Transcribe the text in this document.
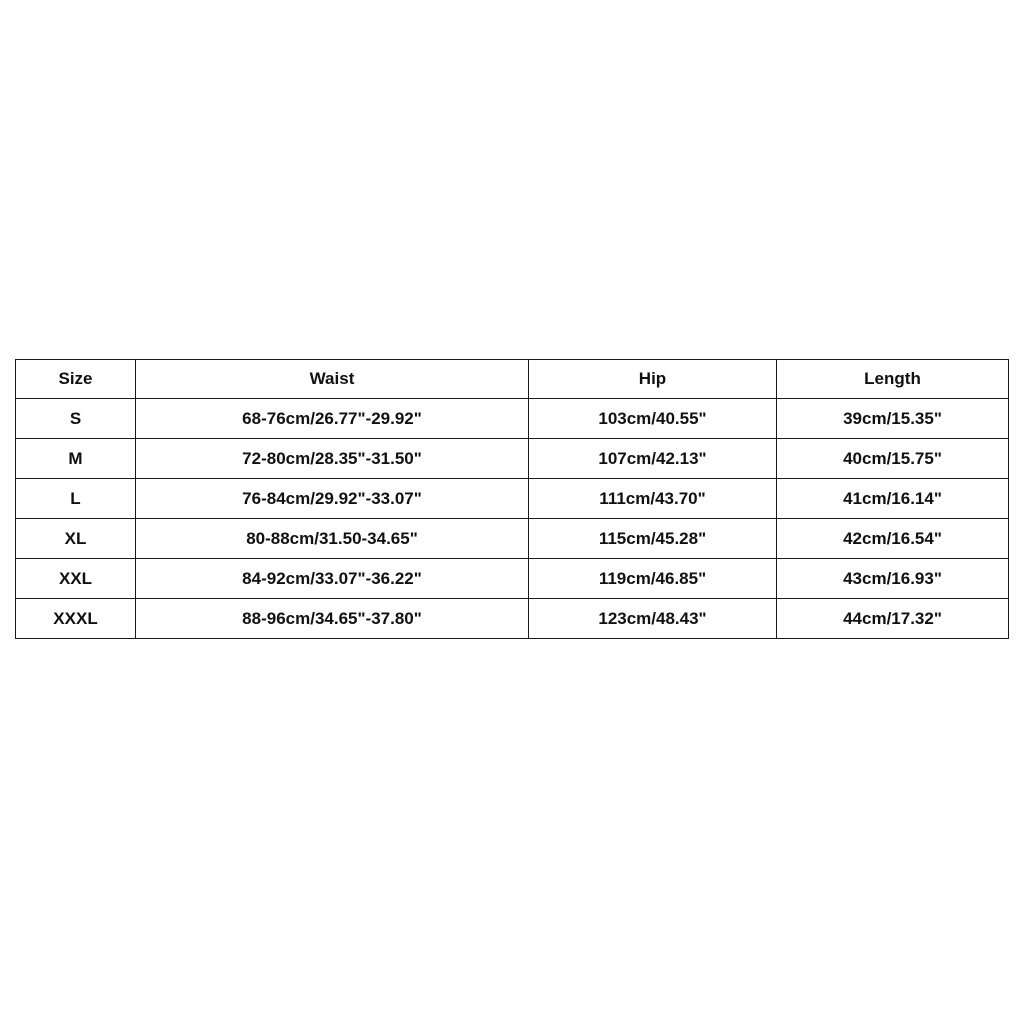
Size	Waist	Hip	Length
S	68-76cm/26.77"-29.92"	103cm/40.55"	39cm/15.35"
M	72-80cm/28.35"-31.50"	107cm/42.13"	40cm/15.75"
L	76-84cm/29.92"-33.07"	111cm/43.70"	41cm/16.14"
XL	80-88cm/31.50-34.65"	115cm/45.28"	42cm/16.54"
XXL	84-92cm/33.07"-36.22"	119cm/46.85"	43cm/16.93"
XXXL	88-96cm/34.65"-37.80"	123cm/48.43"	44cm/17.32"
